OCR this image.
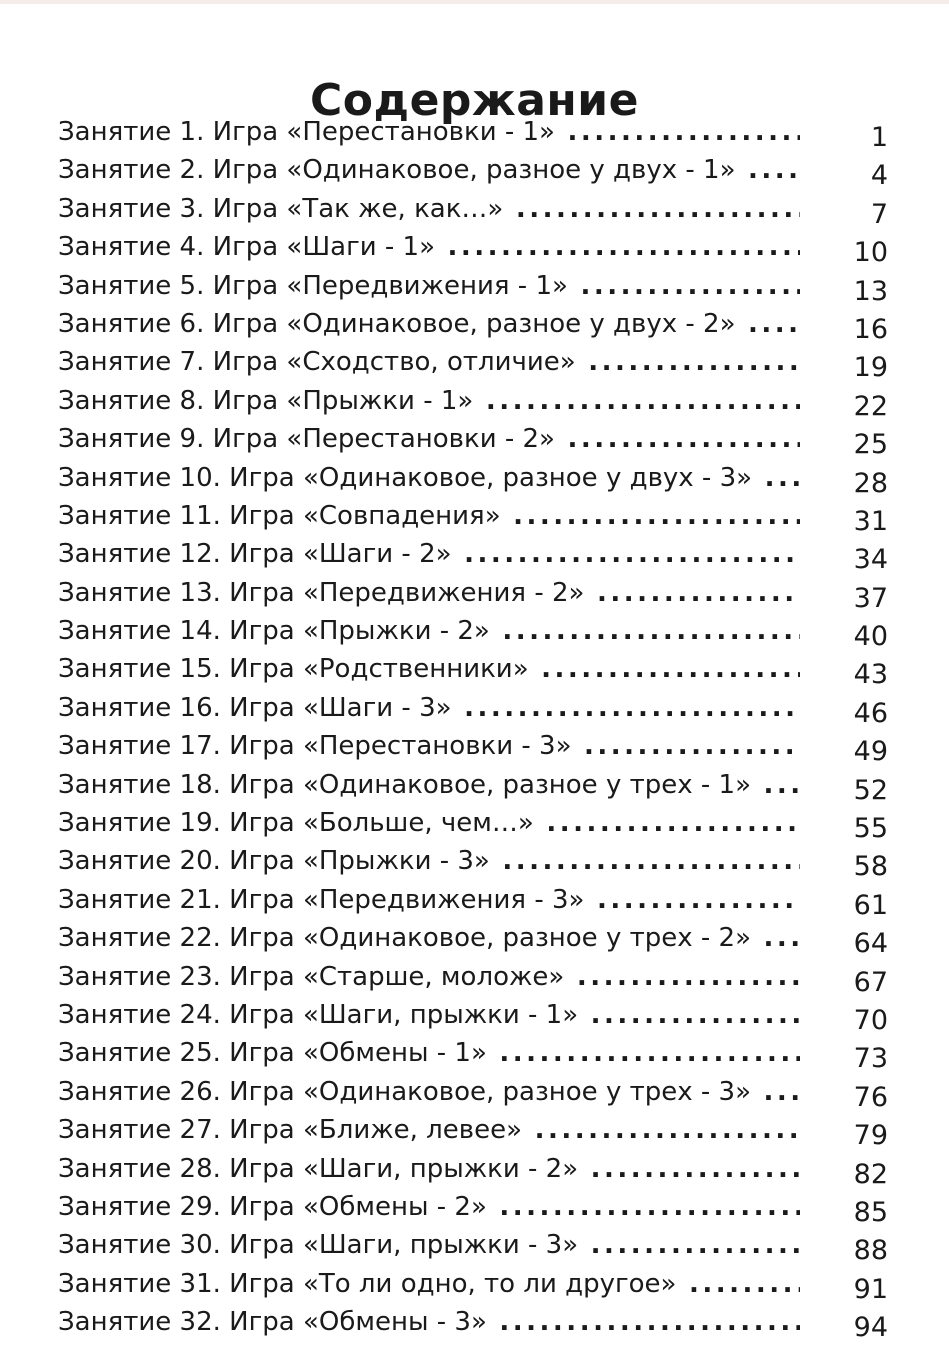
Содержание
Занятие 1. Игра «Перестановки - 1» .....	1
Занятие 2. Игра «Одинаковое, разное у двух - 1» .....	4
Занятие 3. Игра «Так же, как…» .....	7
Занятие 4. Игра «Шаги - 1» .....	10
Занятие 5. Игра «Передвижения - 1» .....	13
Занятие 6. Игра «Одинаковое, разное у двух - 2» .....	16
Занятие 7. Игра «Сходство, отличие» .....	19
Занятие 8. Игра «Прыжки - 1» .....	22
Занятие 9. Игра «Перестановки - 2» .....	25
Занятие 10. Игра «Одинаковое, разное у двух - 3» .....	28
Занятие 11. Игра «Совпадения» .....	31
Занятие 12. Игра «Шаги - 2» .....	34
Занятие 13. Игра «Передвижения - 2» .....	37
Занятие 14. Игра «Прыжки - 2» .....	40
Занятие 15. Игра «Родственники» .....	43
Занятие 16. Игра «Шаги - 3» .....	46
Занятие 17. Игра «Перестановки - 3» .....	49
Занятие 18. Игра «Одинаковое, разное у трех - 1» .....	52
Занятие 19. Игра «Больше, чем…» .....	55
Занятие 20. Игра «Прыжки - 3» .....	58
Занятие 21. Игра «Передвижения - 3» .....	61
Занятие 22. Игра «Одинаковое, разное у трех - 2» .....	64
Занятие 23. Игра «Старше, моложе» .....	67
Занятие 24. Игра «Шаги, прыжки - 1» .....	70
Занятие 25. Игра «Обмены - 1» .....	73
Занятие 26. Игра «Одинаковое, разное у трех - 3» .....	76
Занятие 27. Игра «Ближе, левее» .....	79
Занятие 28. Игра «Шаги, прыжки - 2» .....	82
Занятие 29. Игра «Обмены - 2» .....	85
Занятие 30. Игра «Шаги, прыжки - 3» .....	88
Занятие 31. Игра «То ли одно, то ли другое» .....	91
Занятие 32. Игра «Обмены - 3» .....	94
